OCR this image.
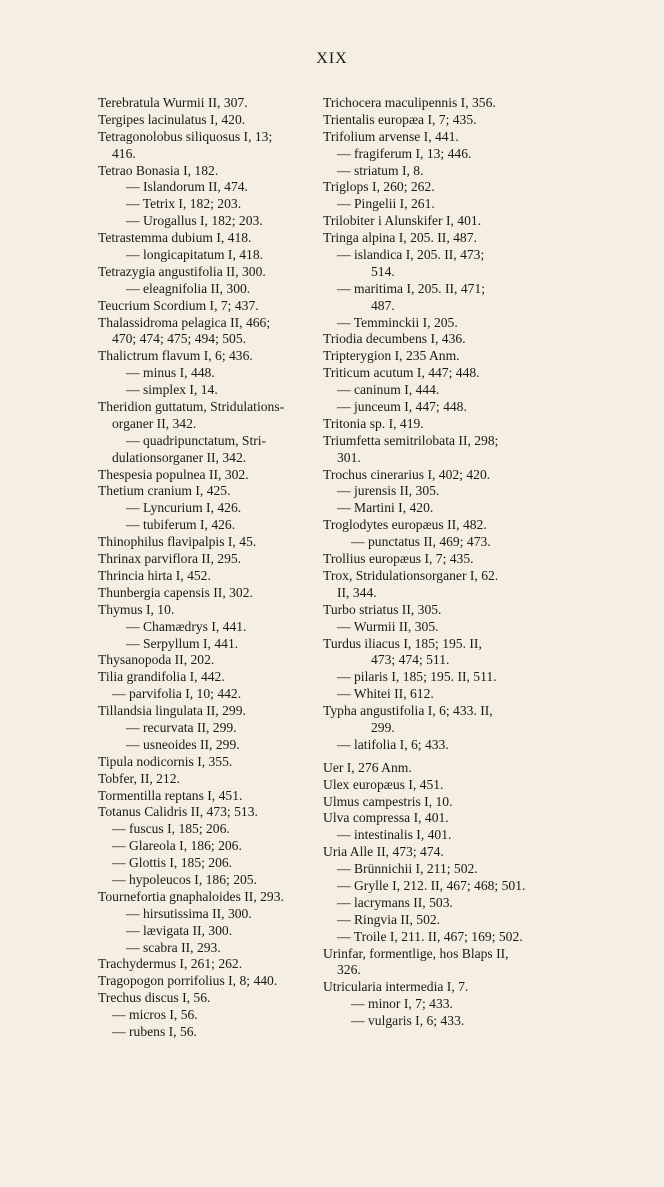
XIX
Terebratula Wurmii II, 307.
Tergipes lacinulatus I, 420.
Tetragonolobus siliquosus I, 13;
416.
Tetrao Bonasia I, 182.
— Islandorum II, 474.
— Tetrix I, 182; 203.
— Urogallus I, 182; 203.
Tetrastemma dubium I, 418.
— longicapitatum I, 418.
Tetrazygia angustifolia II, 300.
— eleagnifolia II, 300.
Teucrium Scordium I, 7; 437.
Thalassidroma pelagica II, 466;
470; 474; 475; 494; 505.
Thalictrum flavum I, 6; 436.
— minus I, 448.
— simplex I, 14.
Theridion guttatum, Stridulations-
organer II, 342.
— quadripunctatum, Stri-
dulationsorganer II, 342.
Thespesia populnea II, 302.
Thetium cranium I, 425.
— Lyncurium I, 426.
— tubiferum I, 426.
Thinophilus flavipalpis I, 45.
Thrinax parviflora II, 295.
Thrincia hirta I, 452.
Thunbergia capensis II, 302.
Thymus I, 10.
— Chamædrys I, 441.
— Serpyllum I, 441.
Thysanopoda II, 202.
Tilia grandifolia I, 442.
— parvifolia I, 10; 442.
Tillandsia lingulata II, 299.
— recurvata II, 299.
— usneoides II, 299.
Tipula nodicornis I, 355.
Tobfer, II, 212.
Tormentilla reptans I, 451.
Totanus Calidris II, 473; 513.
— fuscus I, 185; 206.
— Glareola I, 186; 206.
— Glottis I, 185; 206.
— hypoleucos I, 186; 205.
Tournefortia gnaphaloides II, 293.
— hirsutissima II, 300.
— lævigata II, 300.
— scabra II, 293.
Trachydermus I, 261; 262.
Tragopogon porrifolius I, 8; 440.
Trechus discus I, 56.
— micros I, 56.
— rubens I, 56.
Trichocera maculipennis I, 356.
Trientalis europæa I, 7; 435.
Trifolium arvense I, 441.
— fragiferum I, 13; 446.
— striatum I, 8.
Triglops I, 260; 262.
— Pingelii I, 261.
Trilobiter i Alunskifer I, 401.
Tringa alpina I, 205. II, 487.
— islandica I, 205. II, 473;
514.
— maritima I, 205. II, 471;
487.
— Temminckii I, 205.
Triodia decumbens I, 436.
Tripterygion I, 235 Anm.
Triticum acutum I, 447; 448.
— caninum I, 444.
— junceum I, 447; 448.
Tritonia sp. I, 419.
Triumfetta semitrilobata II, 298;
301.
Trochus cinerarius I, 402; 420.
— jurensis II, 305.
— Martini I, 420.
Troglodytes europæus II, 482.
— punctatus II, 469; 473.
Trollius europæus I, 7; 435.
Trox, Stridulationsorganer I, 62.
II, 344.
Turbo striatus II, 305.
— Wurmii II, 305.
Turdus iliacus I, 185; 195. II,
473; 474; 511.
— pilaris I, 185; 195. II, 511.
— Whitei II, 612.
Typha angustifolia I, 6; 433. II,
299.
— latifolia I, 6; 433.
Uer I, 276 Anm.
Ulex europæus I, 451.
Ulmus campestris I, 10.
Ulva compressa I, 401.
— intestinalis I, 401.
Uria Alle II, 473; 474.
— Brünnichii I, 211; 502.
— Grylle I, 212. II, 467; 468; 501.
— lacrymans II, 503.
— Ringvia II, 502.
— Troile I, 211. II, 467; 169; 502.
Urinfar, formentlige, hos Blaps II,
326.
Utricularia intermedia I, 7.
— minor I, 7; 433.
— vulgaris I, 6; 433.
